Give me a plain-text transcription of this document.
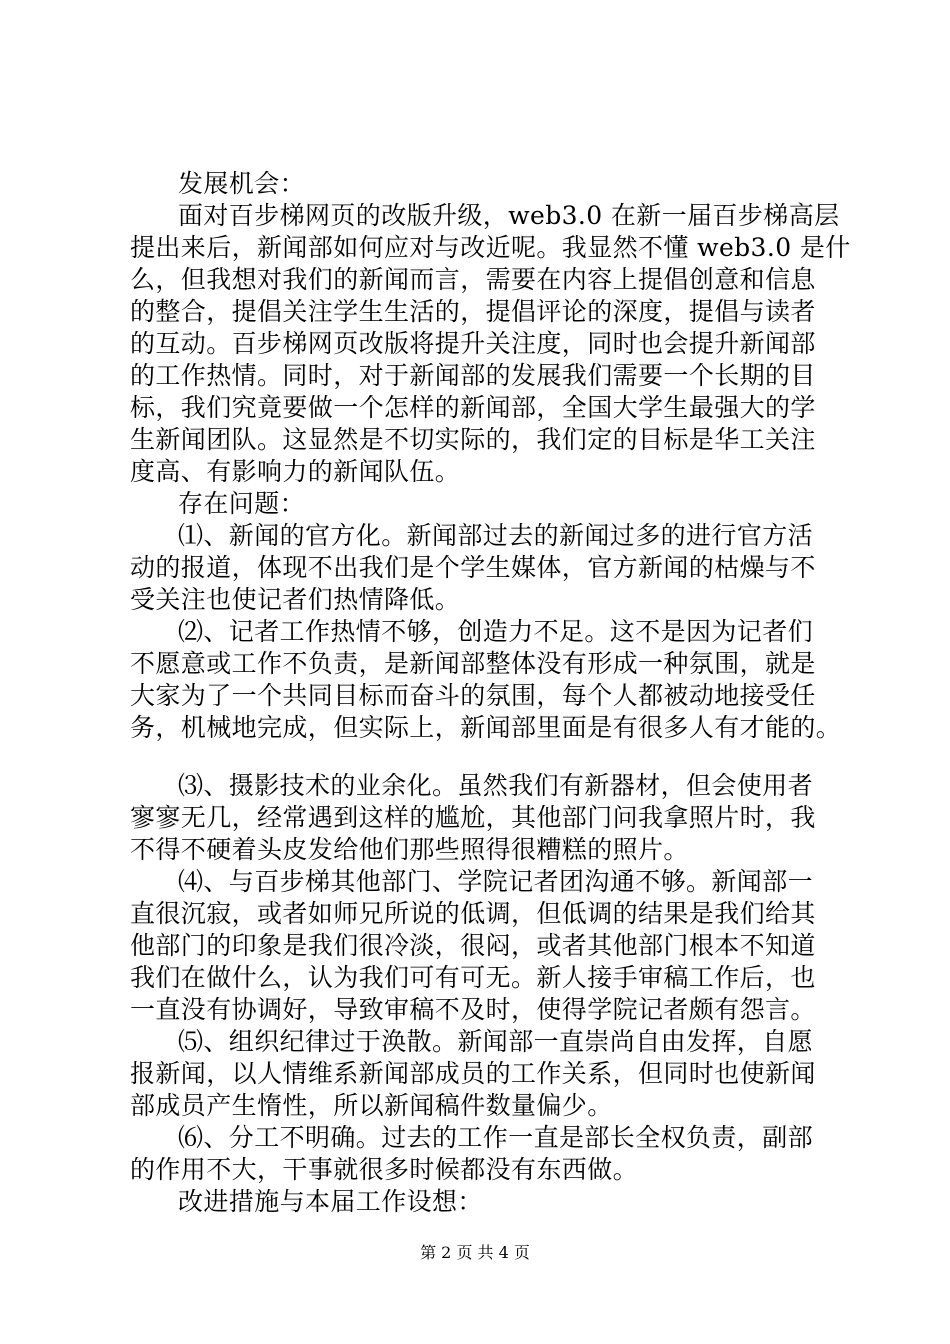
发展机会：
面对百步梯网页的改版升级，web3.0 在新一届百步梯高层
提出来后，新闻部如何应对与改近呢。我显然不懂 web3.0 是什
么，但我想对我们的新闻而言，需要在内容上提倡创意和信息
的整合，提倡关注学生生活的，提倡评论的深度，提倡与读者
的互动。百步梯网页改版将提升关注度，同时也会提升新闻部
的工作热情。同时，对于新闻部的发展我们需要一个长期的目
标，我们究竟要做一个怎样的新闻部，全国大学生最强大的学
生新闻团队。这显然是不切实际的，我们定的目标是华工关注
度高、有影响力的新闻队伍。
存在问题：
⑴、新闻的官方化。新闻部过去的新闻过多的进行官方活
动的报道，体现不出我们是个学生媒体，官方新闻的枯燥与不
受关注也使记者们热情降低。
⑵、记者工作热情不够，创造力不足。这不是因为记者们
不愿意或工作不负责，是新闻部整体没有形成一种氛围，就是
大家为了一个共同目标而奋斗的氛围，每个人都被动地接受任
务，机械地完成，但实际上，新闻部里面是有很多人有才能的。
⑶、摄影技术的业余化。虽然我们有新器材，但会使用者
寥寥无几，经常遇到这样的尴尬，其他部门问我拿照片时，我
不得不硬着头皮发给他们那些照得很糟糕的照片。
⑷、与百步梯其他部门、学院记者团沟通不够。新闻部一
直很沉寂，或者如师兄所说的低调，但低调的结果是我们给其
他部门的印象是我们很冷淡，很闷，或者其他部门根本不知道
我们在做什么，认为我们可有可无。新人接手审稿工作后，也
一直没有协调好，导致审稿不及时，使得学院记者颇有怨言。
⑸、组织纪律过于涣散。新闻部一直崇尚自由发挥，自愿
报新闻，以人情维系新闻部成员的工作关系，但同时也使新闻
部成员产生惰性，所以新闻稿件数量偏少。
⑹、分工不明确。过去的工作一直是部长全权负责，副部
的作用不大，干事就很多时候都没有东西做。
改进措施与本届工作设想：
第 2 页 共 4 页
